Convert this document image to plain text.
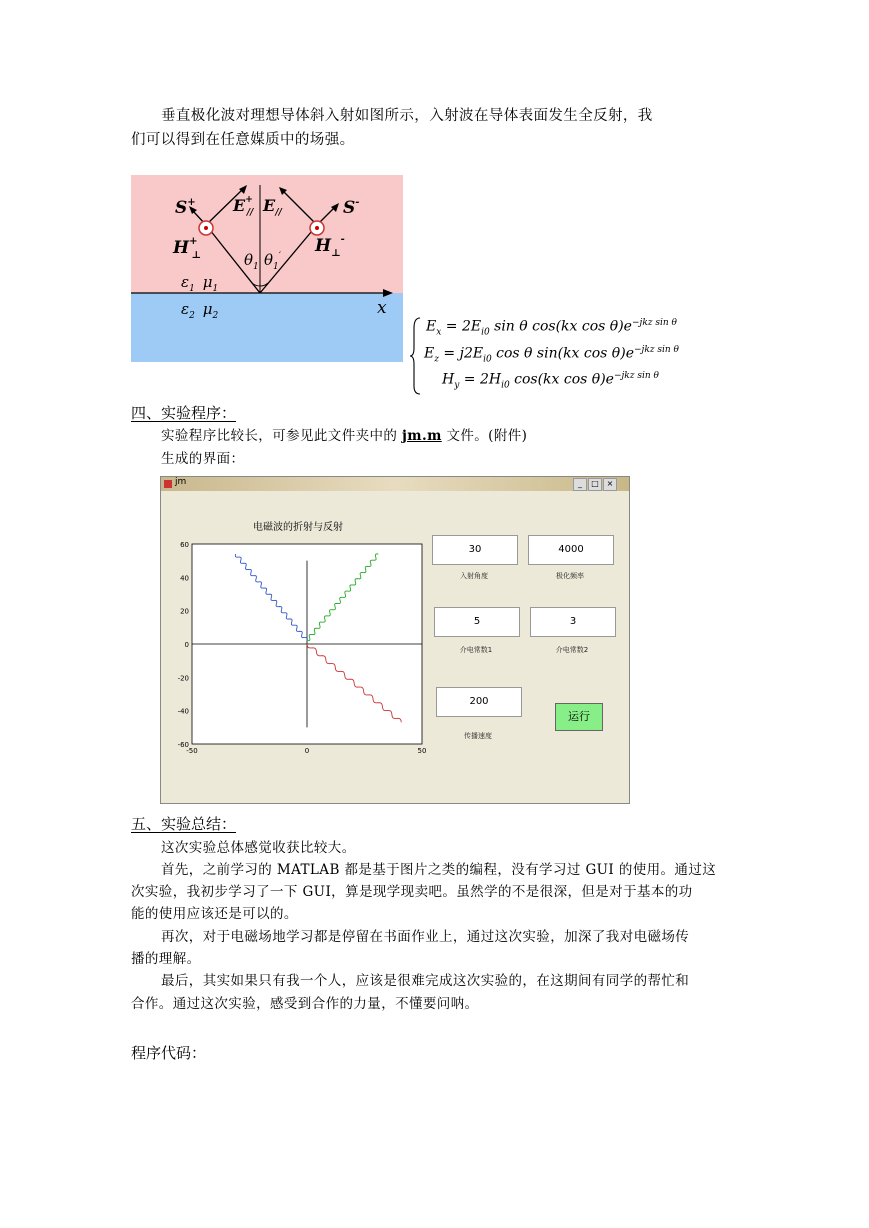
垂直极化波对理想导体斜入射如图所示，入射波在导体表面发生全反射，我
们可以得到在任意媒质中的场强。
S+	S-
$E^+ // E_{//}$
H+ ⊥	$H_\perp^-$
$\theta_1$ $\theta_1'$
$\varepsilon_1$ $\mu_1$
$\varepsilon_2$ $\mu_2$	x
$E_x = 2E_{i0}$ sin θ cos(kx $\cos \theta)e^{-jkz sin \theta}$
$E_z = j2E_{i0}$ cos θ sin(kx $\cos \theta)e^{-jkz sin \theta}$
$H_y = 2H_{i0}$ cos(kx $\cos \theta)e^{-jkz sin \theta}$
四、实验程序：
实验程序比较长，可参见此文件夹中的 jm.m 文件。(附件)
生成的界面：
jm	_	□ ×
电磁波的折射与反射
60
40
20
0
-20
-40
-60
-50	0	50
30
入射角度
4000
极化频率
5
介电常数1
3
介电常数2
200
传播速度
运行
五、实验总结：
这次实验总体感觉收获比较大。
首先，之前学习的 MATLAB 都是基于图片之类的编程，没有学习过 GUI 的使用。通过这
次实验，我初步学习了一下 GUI，算是现学现卖吧。虽然学的不是很深，但是对于基本的功
能的使用应该还是可以的。
再次，对于电磁场地学习都是停留在书面作业上，通过这次实验，加深了我对电磁场传
播的理解。
最后，其实如果只有我一个人，应该是很难完成这次实验的，在这期间有同学的帮忙和
合作。通过这次实验，感受到合作的力量，不懂要问呐。
程序代码：
